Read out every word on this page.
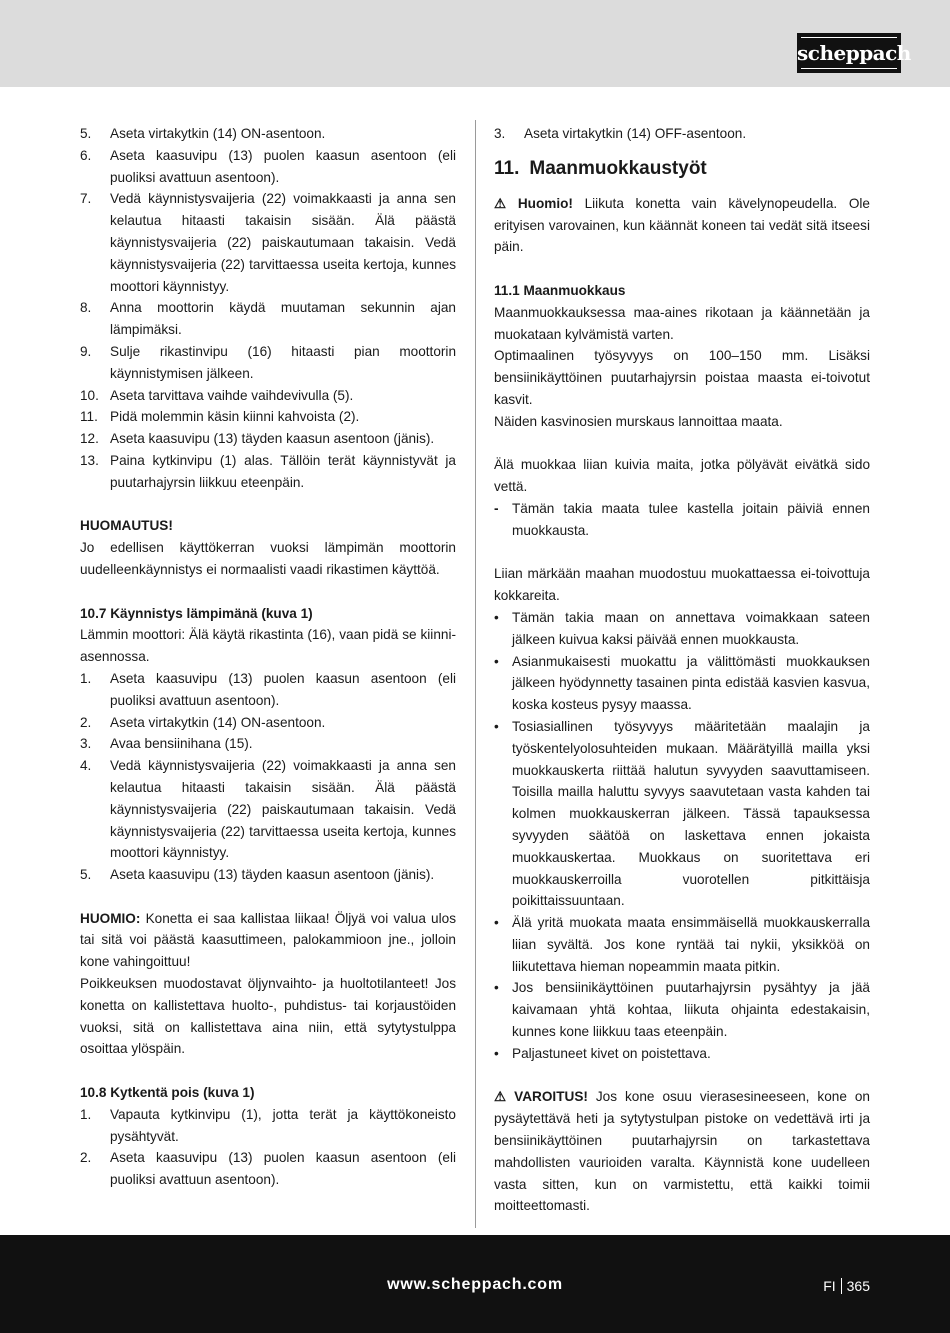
scheppach
5. Aseta virtakytkin (14) ON-asentoon.
6. Aseta kaasuvipu (13) puolen kaasun asentoon (eli puoliksi avattuun asentoon).
7. Vedä käynnistysvaijeria (22) voimakkaasti ja anna sen kelautua hitaasti takaisin sisään. Älä päästä käynnistysvaijeria (22) paiskautumaan takaisin. Vedä käynnistysvaijeria (22) tarvittaessa useita kertoja, kunnes moottori käynnistyy.
8. Anna moottorin käydä muutaman sekunnin ajan lämpimäksi.
9. Sulje rikastinvipu (16) hitaasti pian moottorin käynnistymisen jälkeen.
10. Aseta tarvittava vaihde vaihdevivulla (5).
11. Pidä molemmin käsin kiinni kahvoista (2).
12. Aseta kaasuvipu (13) täyden kaasun asentoon (jänis).
13. Paina kytkinvipu (1) alas. Tällöin terät käynnistyvät ja puutarhajyrsin liikkuu eteenpäin.
HUOMAUTUS!

Jo edellisen käyttökerran vuoksi lämpimän moottorin uudelleenkäynnistys ei normaalisti vaadi rikastimen käyttöä.

10.7 Käynnistys lämpimänä (kuva 1)

Lämmin moottori: Älä käytä rikastinta (16), vaan pidä se kiinni-asennossa.

1. Aseta kaasuvipu (13) puolen kaasun asentoon (eli puoliksi avattuun asentoon).
2. Aseta virtakytkin (14) ON-asentoon.
3. Avaa bensiinihana (15).
4. Vedä käynnistysvaijeria (22) voimakkaasti ja anna sen kelautua hitaasti takaisin sisään. Älä päästä käynnistysvaijeria (22) paiskautumaan takaisin. Vedä käynnistysvaijeria (22) tarvittaessa useita kertoja, kunnes moottori käynnistyy.
5. Aseta kaasuvipu (13) täyden kaasun asentoon (jänis).

HUOMIO: Konetta ei saa kallistaa liikaa! Öljyä voi valua ulos tai sitä voi päästä kaasuttimeen, palokammioon jne., jolloin kone vahingoittuu!

Poikkeuksen muodostavat öljynvaihto- ja huoltotilanteet! Jos konetta on kallistettava huolto-, puhdistus- tai korjaustöiden vuoksi, sitä on kallistettava aina niin, että sytytystulppa osoittaa ylöspäin.

10.8 Kytkentä pois (kuva 1)
1. Vapauta kytkinvipu (1), jotta terät ja käyttökoneisto pysähtyvät.
2. Aseta kaasuvipu (13) puolen kaasun asentoon (eli puoliksi avattuun asentoon).
3. Aseta virtakytkin (14) OFF-asentoon.
11. Maanmuokkaustyöt

⚠ Huomio! Liikuta konetta vain kävelynopeudella. Ole erityisen varovainen, kun käännät koneen tai vedät sitä itseesi päin.

11.1 Maanmuokkaus

Maanmuokkauksessa maa-aines rikotaan ja käännetään ja muokataan kylvämistä varten.

Optimaalinen työsyvyys on 100–150 mm. Lisäksi bensiinikäyttöinen puutarhajyrsin poistaa maasta ei-toivotut kasvit.

Näiden kasvinosien murskaus lannoittaa maata.

Älä muokkaa liian kuivia maita, jotka pölyävät eivätkä sido vettä.

- Tämän takia maata tulee kastella joitain päiviä ennen muokkausta.

Liian märkään maahan muodostuu muokattaessa ei-toivottuja kokkareita.

• Tämän takia maan on annettava voimakkaan sateen jälkeen kuivua kaksi päivää ennen muokkausta.
• Asianmukaisesti muokattu ja välittömästi muokkauksen jälkeen hyödynnetty tasainen pinta edistää kasvien kasvua, koska kosteus pysyy maassa.
• Tosiasiallinen työsyvyys määritetään maalajin ja työskentelyolosuhteiden mukaan. Määrätyillä mailla yksi muokkauskerta riittää halutun syvyyden saavuttamiseen. Toisilla mailla haluttu syvyys saavutetaan vasta kahden tai kolmen muokkauskerran jälkeen. Tässä tapauksessa syvyyden säätöä on laskettava ennen jokaista muokkauskertaa. Muokkaus on suoritettava eri muokkauskerroilla vuorotellen pitkittäisja poikittaissuuntaan.
• Älä yritä muokata maata ensimmäisellä muokkauskerralla liian syvältä. Jos kone ryntää tai nykii, yksikköä on liikutettava hieman nopeammin maata pitkin.
• Jos bensiinikäyttöinen puutarhajyrsin pysähtyy ja jää kaivamaan yhtä kohtaa, liikuta ohjainta edestakaisin, kunnes kone liikkuu taas eteenpäin.
• Paljastuneet kivet on poistettava.

⚠ VAROITUS! Jos kone osuu vierasesineeseen, kone on pysäytettävä heti ja sytytystulpan pistoke on vedettävä irti ja bensiinikäyttöinen puutarhajyrsin on tarkastettava mahdollisten vaurioiden varalta. Käynnistä kone uudelleen vasta sitten, kun on varmistettu, että kaikki toimii moitteettomasti.

www.scheppach.com	FI 365
